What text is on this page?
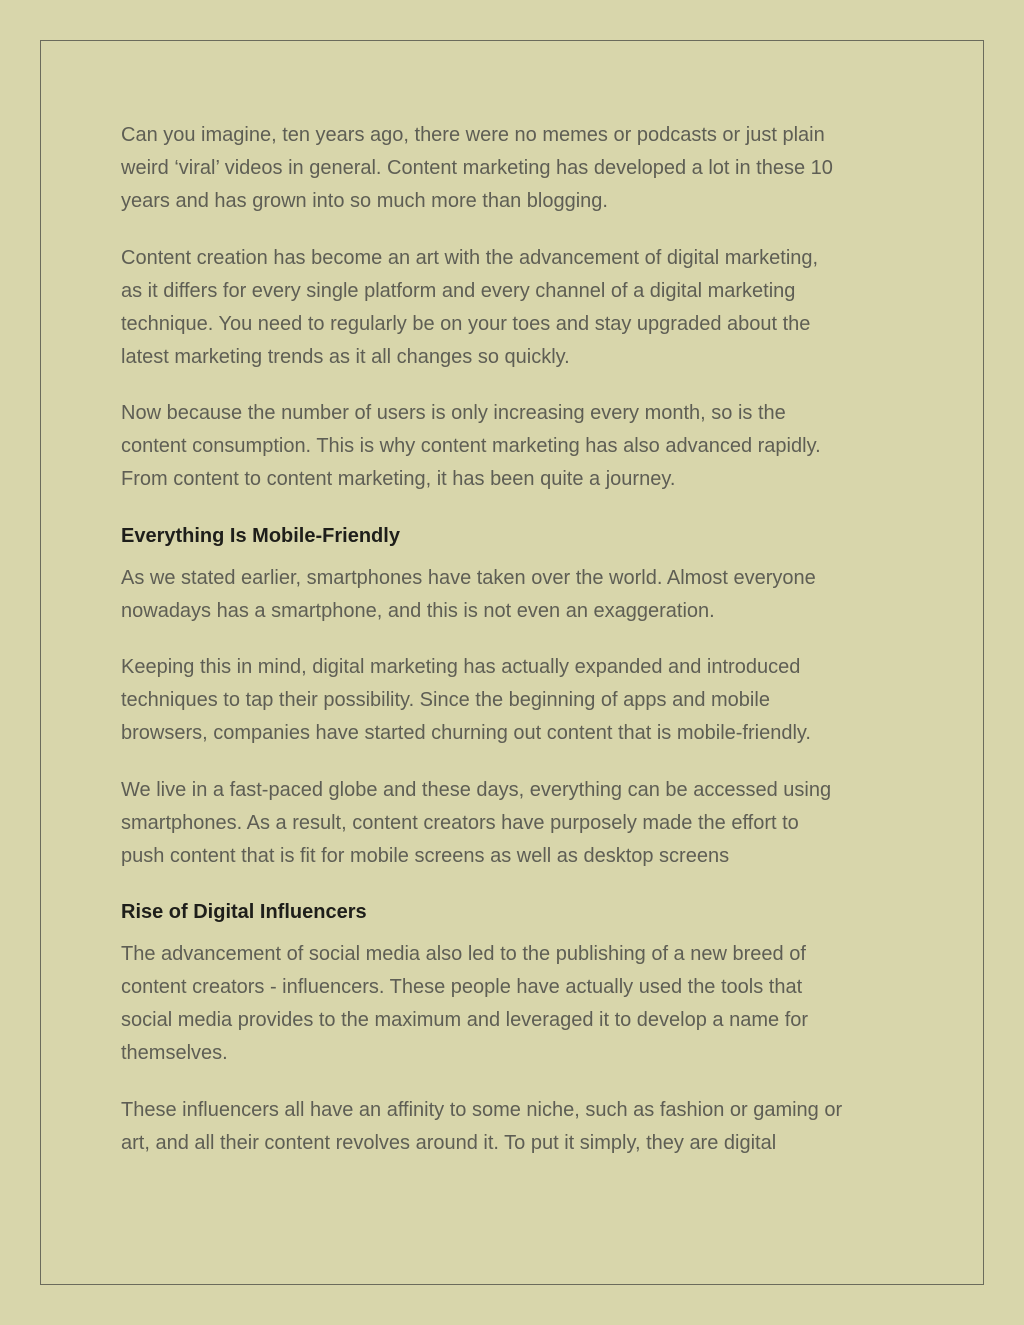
Can you imagine, ten years ago, there were no memes or podcasts or just plain
weird ‘viral’ videos in general. Content marketing has developed a lot in these 10
years and has grown into so much more than blogging.

Content creation has become an art with the advancement of digital marketing,
as it differs for every single platform and every channel of a digital marketing
technique. You need to regularly be on your toes and stay upgraded about the
latest marketing trends as it all changes so quickly.

Now because the number of users is only increasing every month, so is the
content consumption. This is why content marketing has also advanced rapidly.
From content to content marketing, it has been quite a journey.

Everything Is Mobile-Friendly

As we stated earlier, smartphones have taken over the world. Almost everyone
nowadays has a smartphone, and this is not even an exaggeration.

Keeping this in mind, digital marketing has actually expanded and introduced
techniques to tap their possibility. Since the beginning of apps and mobile
browsers, companies have started churning out content that is mobile-friendly.

We live in a fast-paced globe and these days, everything can be accessed using
smartphones. As a result, content creators have purposely made the effort to
push content that is fit for mobile screens as well as desktop screens

Rise of Digital Influencers

The advancement of social media also led to the publishing of a new breed of
content creators - influencers. These people have actually used the tools that
social media provides to the maximum and leveraged it to develop a name for
themselves.

These influencers all have an affinity to some niche, such as fashion or gaming or
art, and all their content revolves around it. To put it simply, they are digital
